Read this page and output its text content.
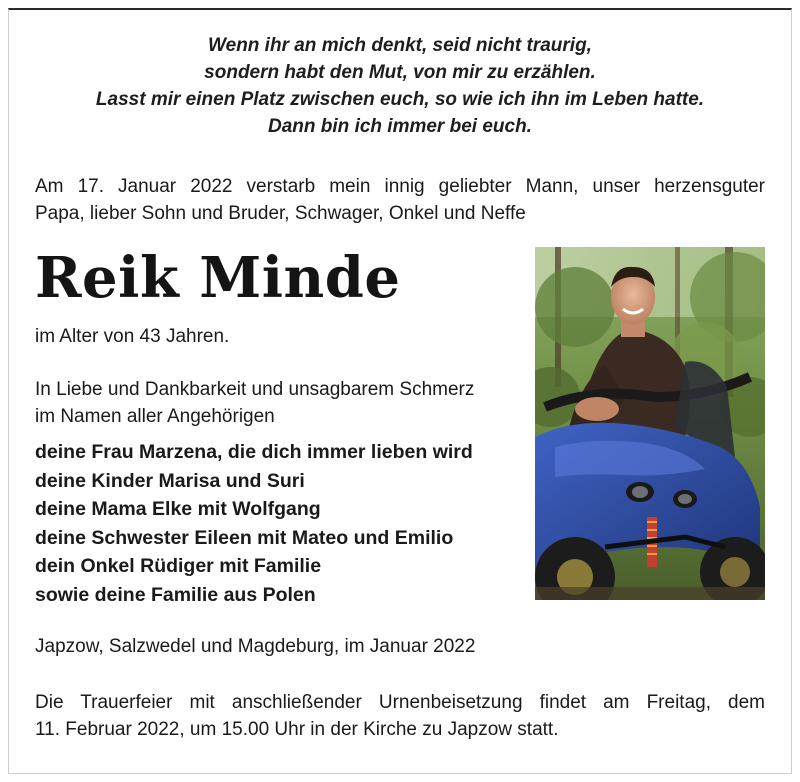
Wenn ihr an mich denkt, seid nicht traurig,
sondern habt den Mut, von mir zu erzählen.
Lasst mir einen Platz zwischen euch, so wie ich ihn im Leben hatte.
Dann bin ich immer bei euch.
Am 17. Januar 2022 verstarb mein innig geliebter Mann, unser herzensguter
Papa, lieber Sohn und Bruder, Schwager, Onkel und Neffe
Reik Minde
im Alter von 43 Jahren.
In Liebe und Dankbarkeit und unsagbarem Schmerz
im Namen aller Angehörigen
deine Frau Marzena, die dich immer lieben wird
deine Kinder Marisa und Suri
deine Mama Elke mit Wolfgang
deine Schwester Eileen mit Mateo und Emilio
dein Onkel Rüdiger mit Familie
sowie deine Familie aus Polen
Japzow, Salzwedel und Magdeburg, im Januar 2022
Die Trauerfeier mit anschließender Urnenbeisetzung findet am Freitag, dem
11. Februar 2022, um 15.00 Uhr in der Kirche zu Japzow statt.
